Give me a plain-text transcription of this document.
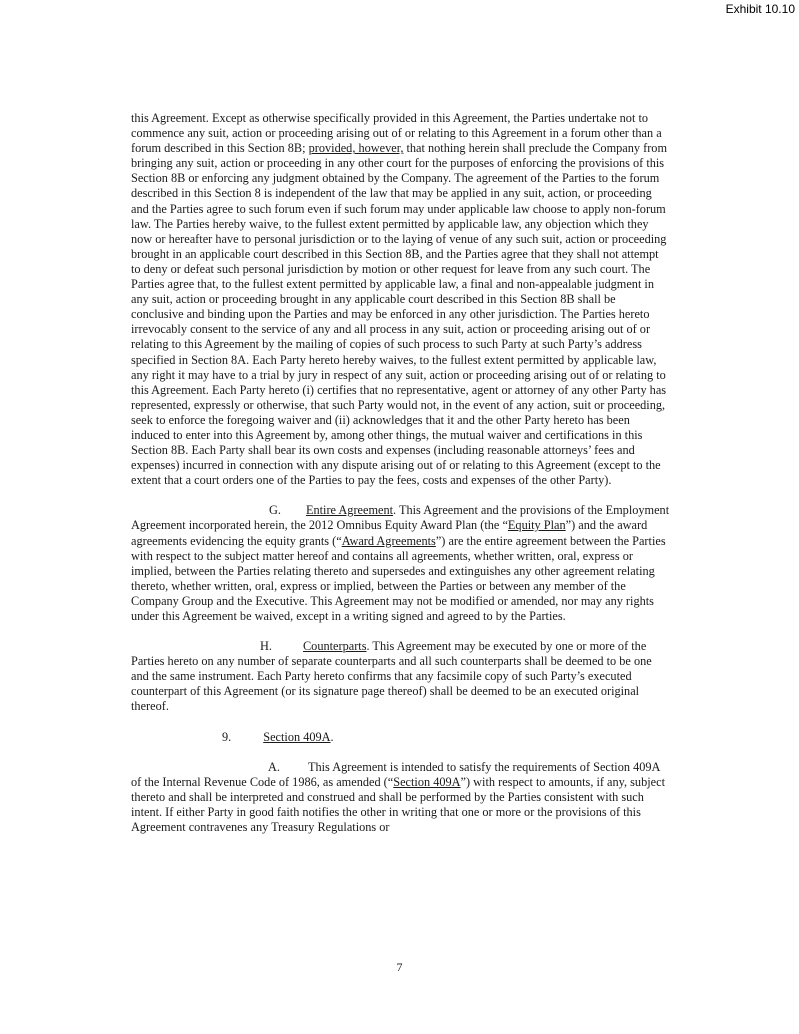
Exhibit 10.10

this Agreement. Except as otherwise specifically provided in this Agreement, the Parties undertake not to commence any suit, action or proceeding arising out of or relating to this Agreement in a forum other than a forum described in this Section 8B; provided, however, that nothing herein shall preclude the Company from bringing any suit, action or proceeding in any other court for the purposes of enforcing the provisions of this Section 8B or enforcing any judgment obtained by the Company. The agreement of the Parties to the forum described in this Section 8 is independent of the law that may be applied in any suit, action, or proceeding and the Parties agree to such forum even if such forum may under applicable law choose to apply non-forum law. The Parties hereby waive, to the fullest extent permitted by applicable law, any objection which they now or hereafter have to personal jurisdiction or to the laying of venue of any such suit, action or proceeding brought in an applicable court described in this Section 8B, and the Parties agree that they shall not attempt to deny or defeat such personal jurisdiction by motion or other request for leave from any such court. The Parties agree that, to the fullest extent permitted by applicable law, a final and non-appealable judgment in any suit, action or proceeding brought in any applicable court described in this Section 8B shall be conclusive and binding upon the Parties and may be enforced in any other jurisdiction. The Parties hereto irrevocably consent to the service of any and all process in any suit, action or proceeding arising out of or relating to this Agreement by the mailing of copies of such process to such Party at such Party’s address specified in Section 8A. Each Party hereto hereby waives, to the fullest extent permitted by applicable law, any right it may have to a trial by jury in respect of any suit, action or proceeding arising out of or relating to this Agreement. Each Party hereto (i) certifies that no representative, agent or attorney of any other Party has represented, expressly or otherwise, that such Party would not, in the event of any action, suit or proceeding, seek to enforce the foregoing waiver and (ii) acknowledges that it and the other Party hereto has been induced to enter into this Agreement by, among other things, the mutual waiver and certifications in this Section 8B. Each Party shall bear its own costs and expenses (including reasonable attorneys’ fees and expenses) incurred in connection with any dispute arising out of or relating to this Agreement (except to the extent that a court orders one of the Parties to pay the fees, costs and expenses of the other Party).

G. Entire Agreement. This Agreement and the provisions of the Employment Agreement incorporated herein, the 2012 Omnibus Equity Award Plan (the “Equity Plan”) and the award agreements evidencing the equity grants (“Award Agreements”) are the entire agreement between the Parties with respect to the subject matter hereof and contains all agreements, whether written, oral, express or implied, between the Parties relating thereto and supersedes and extinguishes any other agreement relating thereto, whether written, oral, express or implied, between the Parties or between any member of the Company Group and the Executive. This Agreement may not be modified or amended, nor may any rights under this Agreement be waived, except in a writing signed and agreed to by the Parties.

H.	Counterparts. This Agreement may be executed by one or more of the Parties hereto on any number of separate counterparts and all such counterparts shall be deemed to be one and the same instrument. Each Party hereto confirms that any facsimile copy of such Party’s executed counterpart of this Agreement (or its signature page thereof) shall be deemed to be an executed original thereof.

9.	Section 409A.

A. This Agreement is intended to satisfy the requirements of Section 409A of the Internal Revenue Code of 1986, as amended (“Section 409A”) with respect to amounts, if any, subject thereto and shall be interpreted and construed and shall be performed by the Parties consistent with such intent. If either Party in good faith notifies the other in writing that one or more or the provisions of this Agreement contravenes any Treasury Regulations or

7
